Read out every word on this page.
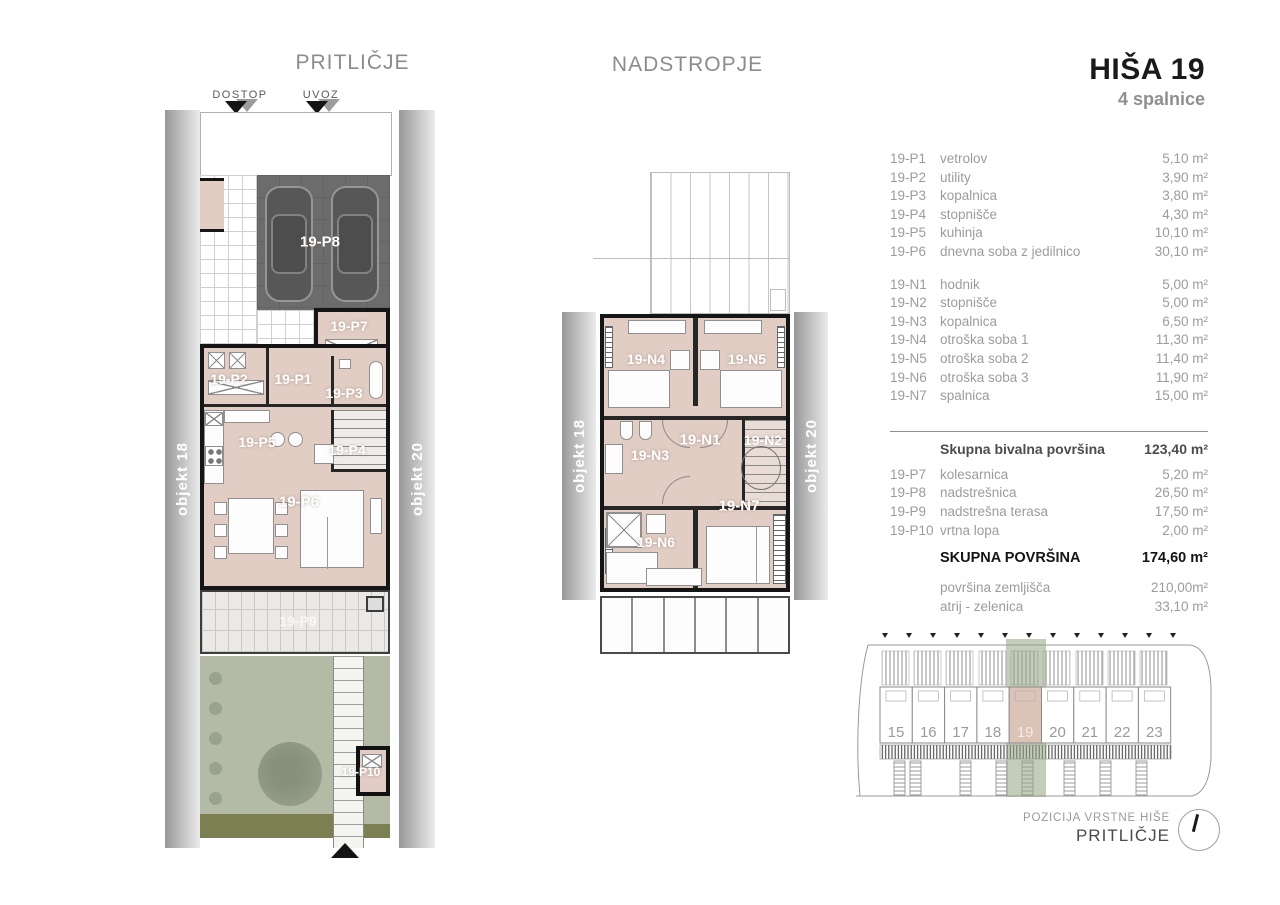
PRITLIČJE
DOSTOP	UVOZ
objekt 18	objekt 20
19-P8
19-P7
19-P2 19-P1
19-P3
19-P5	19-P4
19-P6
19-P9
19-P10
NADSTROPJE
objekt 18	objekt 20
19-N4	19-N5
19-N1 19-N2
19-N3
19-N6
19-N7
HIŠA 19
4 spalnice
19-P1	vetrolov	5,10 m²
19-P2	utility	3,90 m²
19-P3	kopalnica	3,80 m²
19-P4	stopnišče	4,30 m²
19-P5	kuhinja	10,10 m²
19-P6	dnevna soba z jedilnico	30,10 m²
19-N1 hodnik	5,00 m²
19-N2 stopnišče	5,00 m²
19-N3 kopalnica	6,50 m²
19-N4 otroška soba 1	11,30 m²
19-N5 otroška soba 2	11,40 m²
19-N6 otroška soba 3	11,90 m²
19-N7 spalnica	15,00 m²
Skupna bivalna površina	123,40 m²
19-P7	kolesarnica	5,20 m²
19-P8	nadstrešnica	26,50 m²
19-P9	nadstrešna terasa	17,50 m²
19-P10 vrtna lopa	2,00 m²
SKUPNA POVRŠINA	174,60 m²
površina zemljišča	210,00m²
atrij - zelenica	33,10 m²
15 16 17 18 19 20 21 22 23
POZICIJA VRSTNE HIŠE
PRITLIČJE
